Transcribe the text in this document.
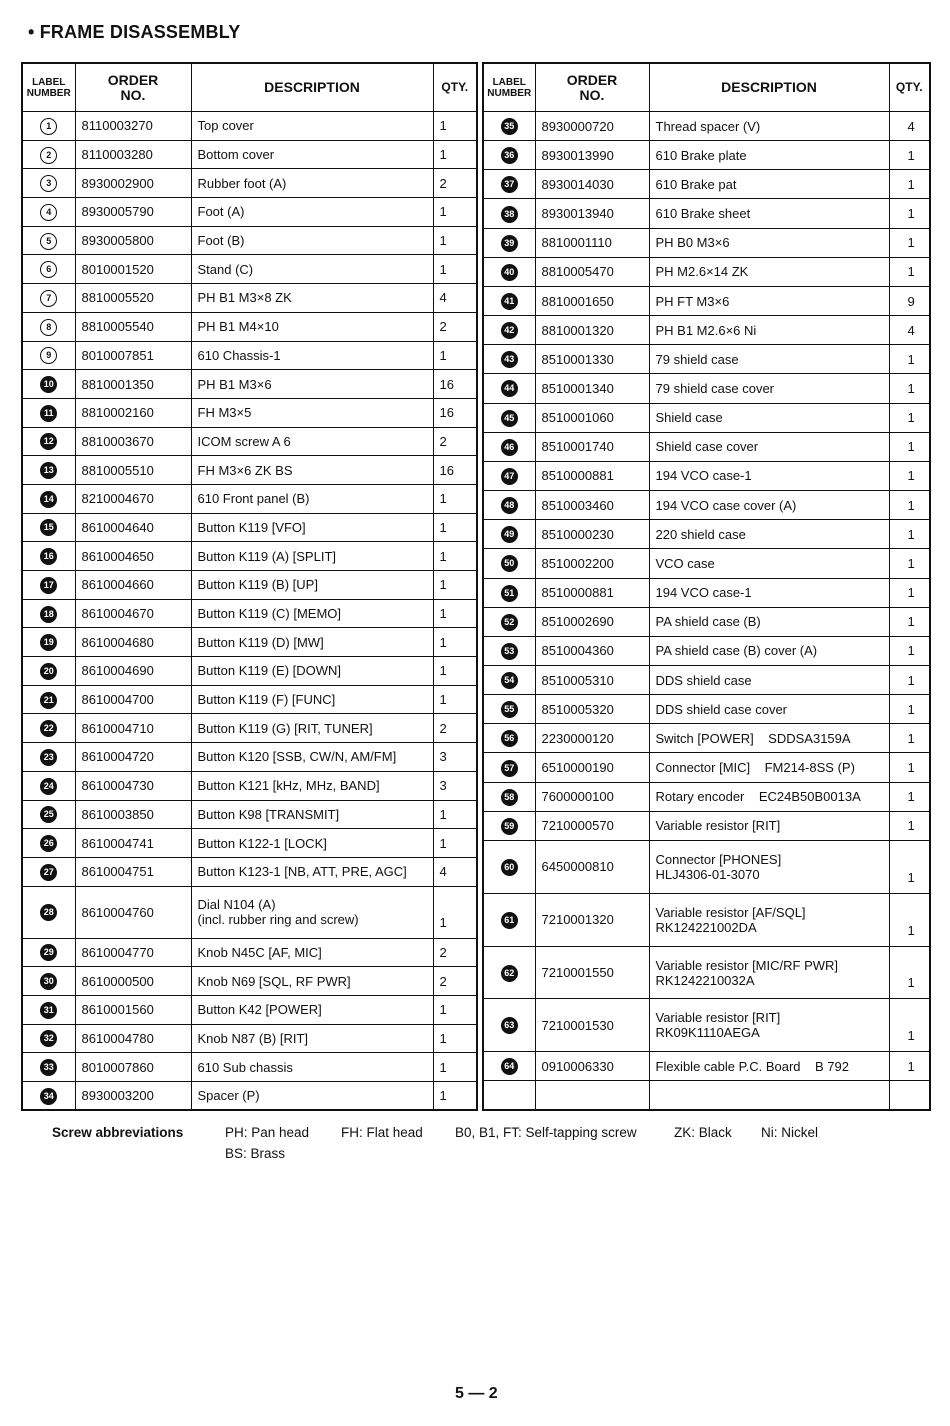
• FRAME DISASSEMBLY
LABEL
NUMBER	ORDER
NO.	DESCRIPTION	QTY.
1	8110003270	Top cover	1
2	8110003280	Bottom cover	1
3	8930002900	Rubber foot (A)	2
4	8930005790	Foot (A)	1
5	8930005800	Foot (B)	1
6	8010001520	Stand (C)	1
7	8810005520	PH B1 M3×8 ZK	4
8	8810005540	PH B1 M4×10	2
9	8010007851	610 Chassis-1	1
10	8810001350	PH B1 M3×6	16
11	8810002160	FH M3×5	16
12	8810003670	ICOM screw A 6	2
13	8810005510	FH M3×6 ZK BS	16
14	8210004670	610 Front panel (B)	1
15	8610004640	Button K119 [VFO]	1
16	8610004650	Button K119 (A) [SPLIT]	1
17	8610004660	Button K119 (B) [UP]	1
18	8610004670	Button K119 (C) [MEMO]	1
19	8610004680	Button K119 (D) [MW]	1
20	8610004690	Button K119 (E) [DOWN]	1
21	8610004700	Button K119 (F) [FUNC]	1
22	8610004710	Button K119 (G) [RIT, TUNER]	2
23	8610004720	Button K120 [SSB, CW/N, AM/FM]	3
24	8610004730	Button K121 [kHz, MHz, BAND]	3
25	8610003850	Button K98 [TRANSMIT]	1
26	8610004741	Button K122-1 [LOCK]	1
27	8610004751	Button K123-1 [NB, ATT, PRE, AGC]	4
28	8610004760	Dial N104 (A)
(incl. rubber ring and screw)	1
29	8610004770	Knob N45C [AF, MIC]	2
30	8610000500	Knob N69 [SQL, RF PWR]	2
31	8610001560	Button K42 [POWER]	1
32	8610004780	Knob N87 (B) [RIT]	1
33	8010007860	610 Sub chassis	1
34	8930003200	Spacer (P)	1
LABEL
NUMBER	ORDER
NO.	DESCRIPTION	QTY.
35	8930000720	Thread spacer (V)	4
36	8930013990	610 Brake plate	1
37	8930014030	610 Brake pat	1
38	8930013940	610 Brake sheet	1
39	8810001110	PH B0 M3×6	1
40	8810005470	PH M2.6×14 ZK	1
41	8810001650	PH FT M3×6	9
42	8810001320	PH B1 M2.6×6 Ni	4
43	8510001330	79 shield case	1
44	8510001340	79 shield case cover	1
45	8510001060	Shield case	1
46	8510001740	Shield case cover	1
47	8510000881	194 VCO case-1	1
48	8510003460	194 VCO case cover (A)	1
49	8510000230	220 shield case	1
50	8510002200	VCO case	1
51	8510000881	194 VCO case-1	1
52	8510002690	PA shield case (B)	1
53	8510004360	PA shield case (B) cover (A)	1
54	8510005310	DDS shield case	1
55	8510005320	DDS shield case cover	1
56	2230000120	Switch [POWER]    SDDSA3159A	1
57	6510000190	Connector [MIC]    FM214-8SS (P)	1
58	7600000100	Rotary encoder    EC24B50B0013A	1
59	7210000570	Variable resistor [RIT]	1
60	6450000810	Connector [PHONES]
HLJ4306-01-3070	1
61	7210001320	Variable resistor [AF/SQL]
RK124221002DA	1
62	7210001550	Variable resistor [MIC/RF PWR]
RK1242210032A	1
63	7210001530	Variable resistor [RIT]
RK09K1110AEGA	1
64	0910006330	Flexible cable P.C. Board    B 792	1

Screw abbreviations	PH: Pan head FH: Flat head B0, B1, FT: Self-tapping screw	ZK: Black Ni: Nickel
BS: Brass
5 — 2
